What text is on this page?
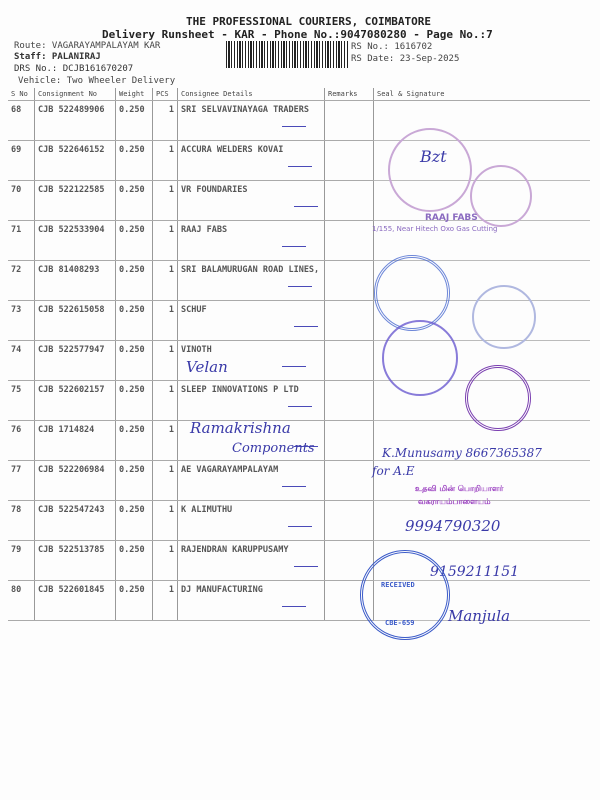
THE PROFESSIONAL COURIERS, COIMBATORE
Delivery Runsheet - KAR - Phone No.:9047080280 - Page No.:7
Route: VAGARAYAMPALAYAM KAR
Staff: PALANIRAJ
DRS No.: DCJB161670207
Vehicle: Two Wheeler Delivery
RS No.: 1616702
RS Date: 23-Sep-2025
S No	Consignment No	Weight	PCS	Consignee Details	Remarks	Seal & Signature
68	CJB 522489906	0.250	1	SRI SELVAVINAYAGA TRADERS		
69	CJB 522646152	0.250	1	ACCURA WELDERS KOVAI		
70	CJB 522122585	0.250	1	VR FOUNDARIES		
71	CJB 522533904	0.250	1	RAAJ FABS		
72	CJB 81408293	0.250	1	SRI BALAMURUGAN ROAD LINES,		
73	CJB 522615058	0.250	1	SCHUF		
74	CJB 522577947	0.250	1	VINOTH		
75	CJB 522602157	0.250	1	SLEEP INNOVATIONS P LTD		
76	CJB 1714824	0.250	1			
77	CJB 522206984	0.250	1	AE VAGARAYAMPALAYAM		
78	CJB 522547243	0.250	1	K ALIMUTHU		
79	CJB 522513785	0.250	1	RAJENDRAN KARUPPUSAMY		
80	CJB 522601845	0.250	1	DJ MANUFACTURING		
Velan
Ramakrishna
Components	K.Munusamy 8667365387
for A.E
9994790320
9159211151
Manjula
Bzt
RAAJ FABS
1/155, Near Hitech Oxo Gas Cutting
உதவி மின் பொறியாளர்
வகராயம்பாளையம்
RECEIVED
CBE-659
